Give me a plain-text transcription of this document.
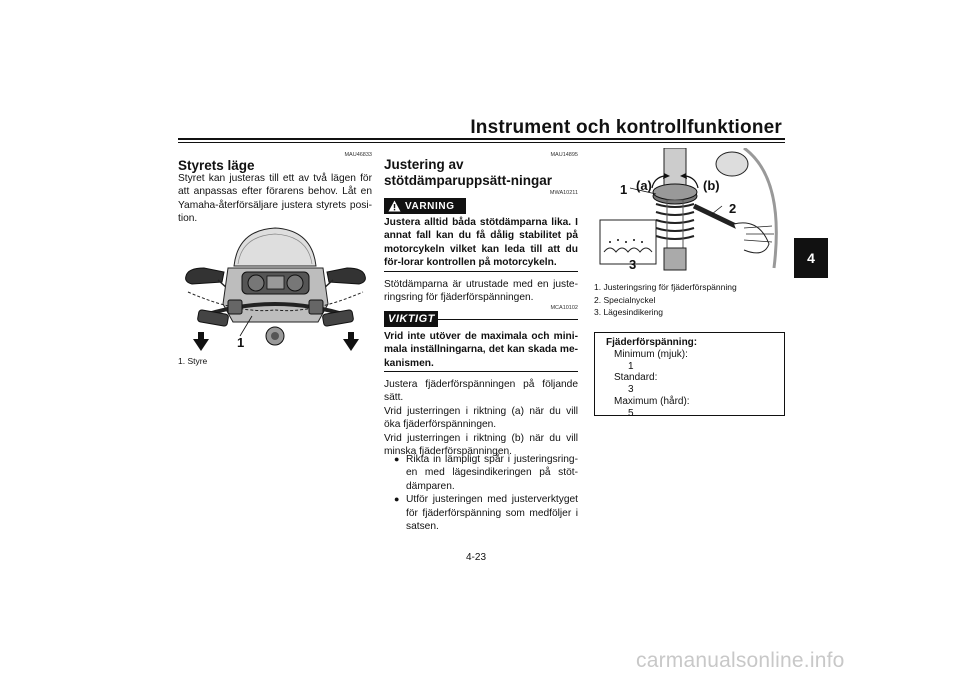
Instrument och kontrollfunktioner
4
MAU46833
Styrets läge
Styret kan justeras till ett av två lägen för att anpassas efter förarens behov. Låt en Yamaha-återförsäljare justera styrets posi-tion.
1
1. Styre
MAU14895
Justering av stötdämparuppsätt-ningar
VARNING
MWA10211
Justera alltid båda stötdämparna lika. I annat fall kan du få dålig stabilitet på motorcykeln vilket kan leda till att du för-lorar kontrollen på motorcykeln.
Stötdämparna är utrustade med en juste-ringsring för fjäderförspänningen.
VIKTIGT
MCA10102
Vrid inte utöver de maximala och mini-mala inställningarna, det kan skada me-kanismen.
Justera fjäderförspänningen på följande sätt.
Vrid justerringen i riktning (a) när du vill öka fjäderförspänningen.
Vrid justerringen i riktning (b) när du vill minska fjäderförspänningen.
● Rikta in lämpligt spår i justeringsring-en med lägesindikeringen på stöt-dämparen.
● Utför justeringen med justerverktyget för fjäderförspänning som medföljer i satsen.
1 (a)	(b)
2
3
1. Justeringsring för fjäderförspänning
2. Specialnyckel
3. Lägesindikering
Fjäderförspänning:
Minimum (mjuk):
1
Standard:
3
Maximum (hård):
5
4-23
carmanualsonline.info
